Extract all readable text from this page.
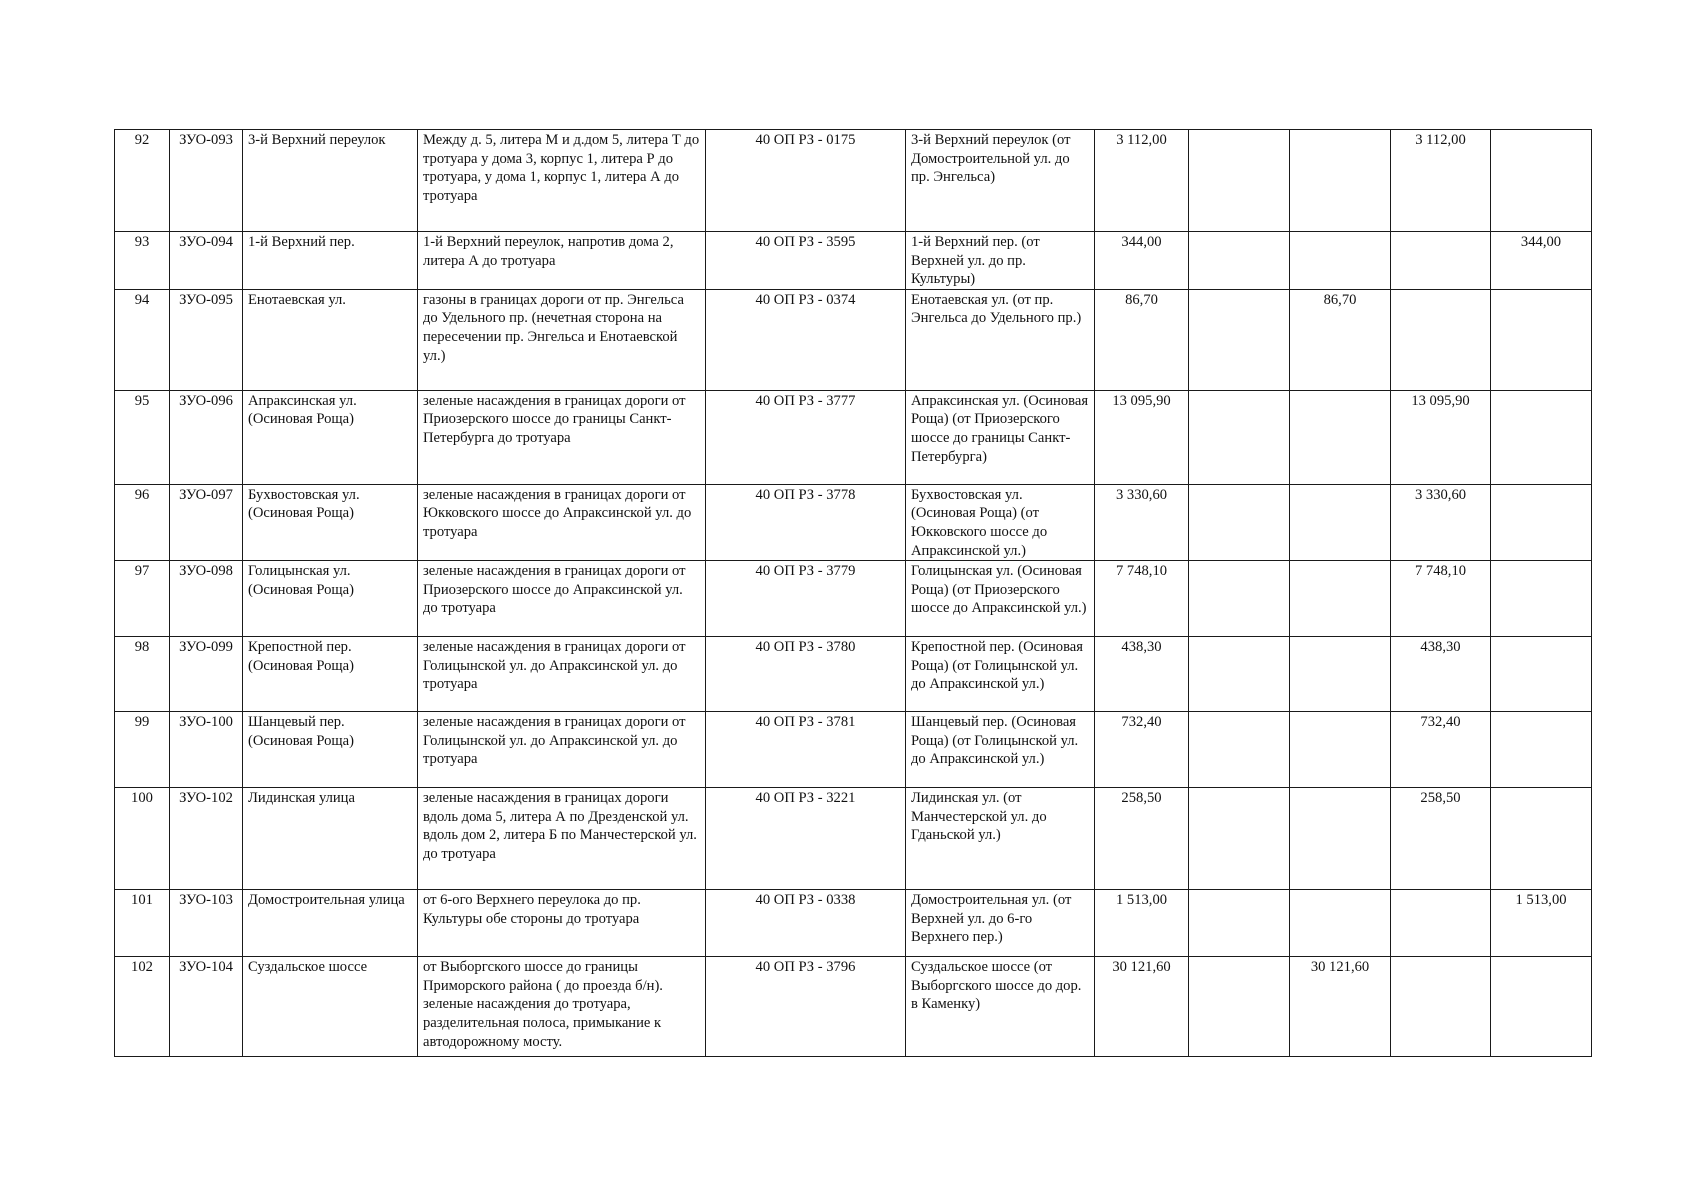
92	ЗУО-093	3-й Верхний переулок	Между д. 5, литера М и д.дом 5, литера Т до тротуара у дома 3, корпус 1, литера Р до тротуара, у дома 1, корпус 1, литера А до тротуара	40 ОП РЗ - 0175	3-й Верхний переулок (от Домостроительной ул. до пр. Энгельса)	3 112,00			3 112,00	
93	ЗУО-094	1-й Верхний пер.	1-й Верхний переулок, напротив дома 2, литера А до тротуара	40 ОП РЗ - 3595	1-й Верхний пер. (от Верхней ул. до пр. Культуры)	344,00				344,00
94	ЗУО-095	Енотаевская ул.	газоны в границах дороги от пр. Энгельса до Удельного пр. (нечетная сторона на пересечении пр. Энгельса и Енотаевской ул.)	40 ОП РЗ - 0374	Енотаевская ул. (от пр. Энгельса до Удельного пр.)	86,70		86,70		
95	ЗУО-096	Апраксинская ул. (Осиновая Роща)	зеленые насаждения в границах дороги от Приозерского шоссе до границы Санкт-Петербурга до тротуара	40 ОП РЗ - 3777	Апраксинская ул. (Осиновая Роща) (от Приозерского шоссе до границы Санкт-Петербурга)	13 095,90			13 095,90	
96	ЗУО-097	Бухвостовская ул. (Осиновая Роща)	зеленые насаждения в границах дороги от Юкковского шоссе до Апраксинской ул. до тротуара	40 ОП РЗ - 3778	Бухвостовская ул. (Осиновая Роща) (от Юкковского шоссе до Апраксинской ул.)	3 330,60			3 330,60	
97	ЗУО-098	Голицынская ул. (Осиновая Роща)	зеленые насаждения в границах дороги от Приозерского шоссе до Апраксинской ул. до тротуара	40 ОП РЗ - 3779	Голицынская ул. (Осиновая Роща) (от Приозерского шоссе до Апраксинской ул.)	7 748,10			7 748,10	
98	ЗУО-099	Крепостной пер. (Осиновая Роща)	зеленые насаждения в границах дороги от Голицынской ул. до Апраксинской ул. до тротуара	40 ОП РЗ - 3780	Крепостной пер. (Осиновая Роща) (от Голицынской ул. до Апраксинской ул.)	438,30			438,30	
99	ЗУО-100	Шанцевый пер. (Осиновая Роща)	зеленые насаждения в границах дороги от Голицынской ул. до Апраксинской ул. до тротуара	40 ОП РЗ - 3781	Шанцевый пер. (Осиновая Роща) (от Голицынской ул. до Апраксинской ул.)	732,40			732,40	
100	ЗУО-102	Лидинская улица	зеленые насаждения в границах дороги вдоль дома 5, литера А по Дрезденской ул. вдоль дом 2, литера Б по Манчестерской ул. до тротуара	40 ОП РЗ - 3221	Лидинская ул. (от Манчестерской ул. до Гданьской ул.)	258,50			258,50	
101	ЗУО-103	Домостроительная улица	от 6-ого Верхнего переулока до пр. Культуры обе стороны до тротуара	40 ОП РЗ - 0338	Домостроительная ул. (от Верхней ул. до 6-го Верхнего пер.)	1 513,00				1 513,00
102	ЗУО-104	Суздальское шоссе	от Выборгского шоссе до границы Приморского района ( до проезда б/н). зеленые насаждения до тротуара, разделительная полоса, примыкание к автодорожному мосту.	40 ОП РЗ - 3796	Суздальское шоссе (от Выборгского шоссе до дор. в Каменку)	30 121,60		30 121,60		
